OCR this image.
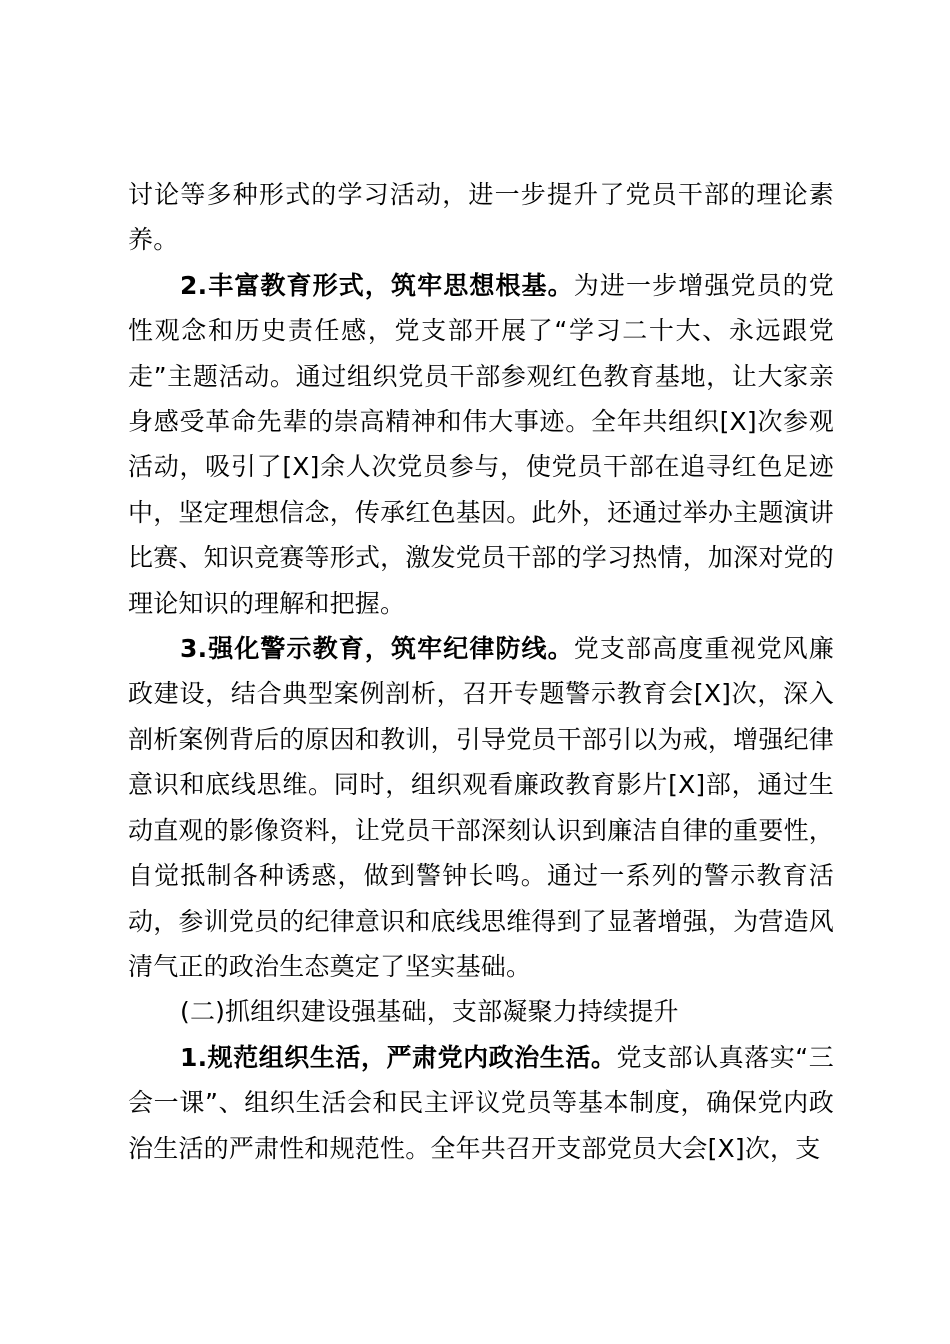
讨论等多种形式的学习活动，进一步提升了党员干部的理论素养。

2.丰富教育形式，筑牢思想根基。为进一步增强党员的党性观念和历史责任感，党支部开展了“学习二十大、永远跟党走”主题活动。通过组织党员干部参观红色教育基地，让大家亲身感受革命先辈的崇高精神和伟大事迹。全年共组织[X]次参观活动，吸引了[X]余人次党员参与，使党员干部在追寻红色足迹中，坚定理想信念，传承红色基因。此外，还通过举办主题演讲比赛、知识竞赛等形式，激发党员干部的学习热情，加深对党的理论知识的理解和把握。

3.强化警示教育，筑牢纪律防线。党支部高度重视党风廉政建设，结合典型案例剖析，召开专题警示教育会[X]次，深入剖析案例背后的原因和教训，引导党员干部引以为戒，增强纪律意识和底线思维。同时，组织观看廉政教育影片[X]部，通过生动直观的影像资料，让党员干部深刻认识到廉洁自律的重要性，自觉抵制各种诱惑，做到警钟长鸣。通过一系列的警示教育活动，参训党员的纪律意识和底线思维得到了显著增强，为营造风清气正的政治生态奠定了坚实基础。

(二)抓组织建设强基础，支部凝聚力持续提升

1.规范组织生活，严肃党内政治生活。党支部认真落实“三会一课”、组织生活会和民主评议党员等基本制度，确保党内政治生活的严肃性和规范性。全年共召开支部党员大会[X]次，支
